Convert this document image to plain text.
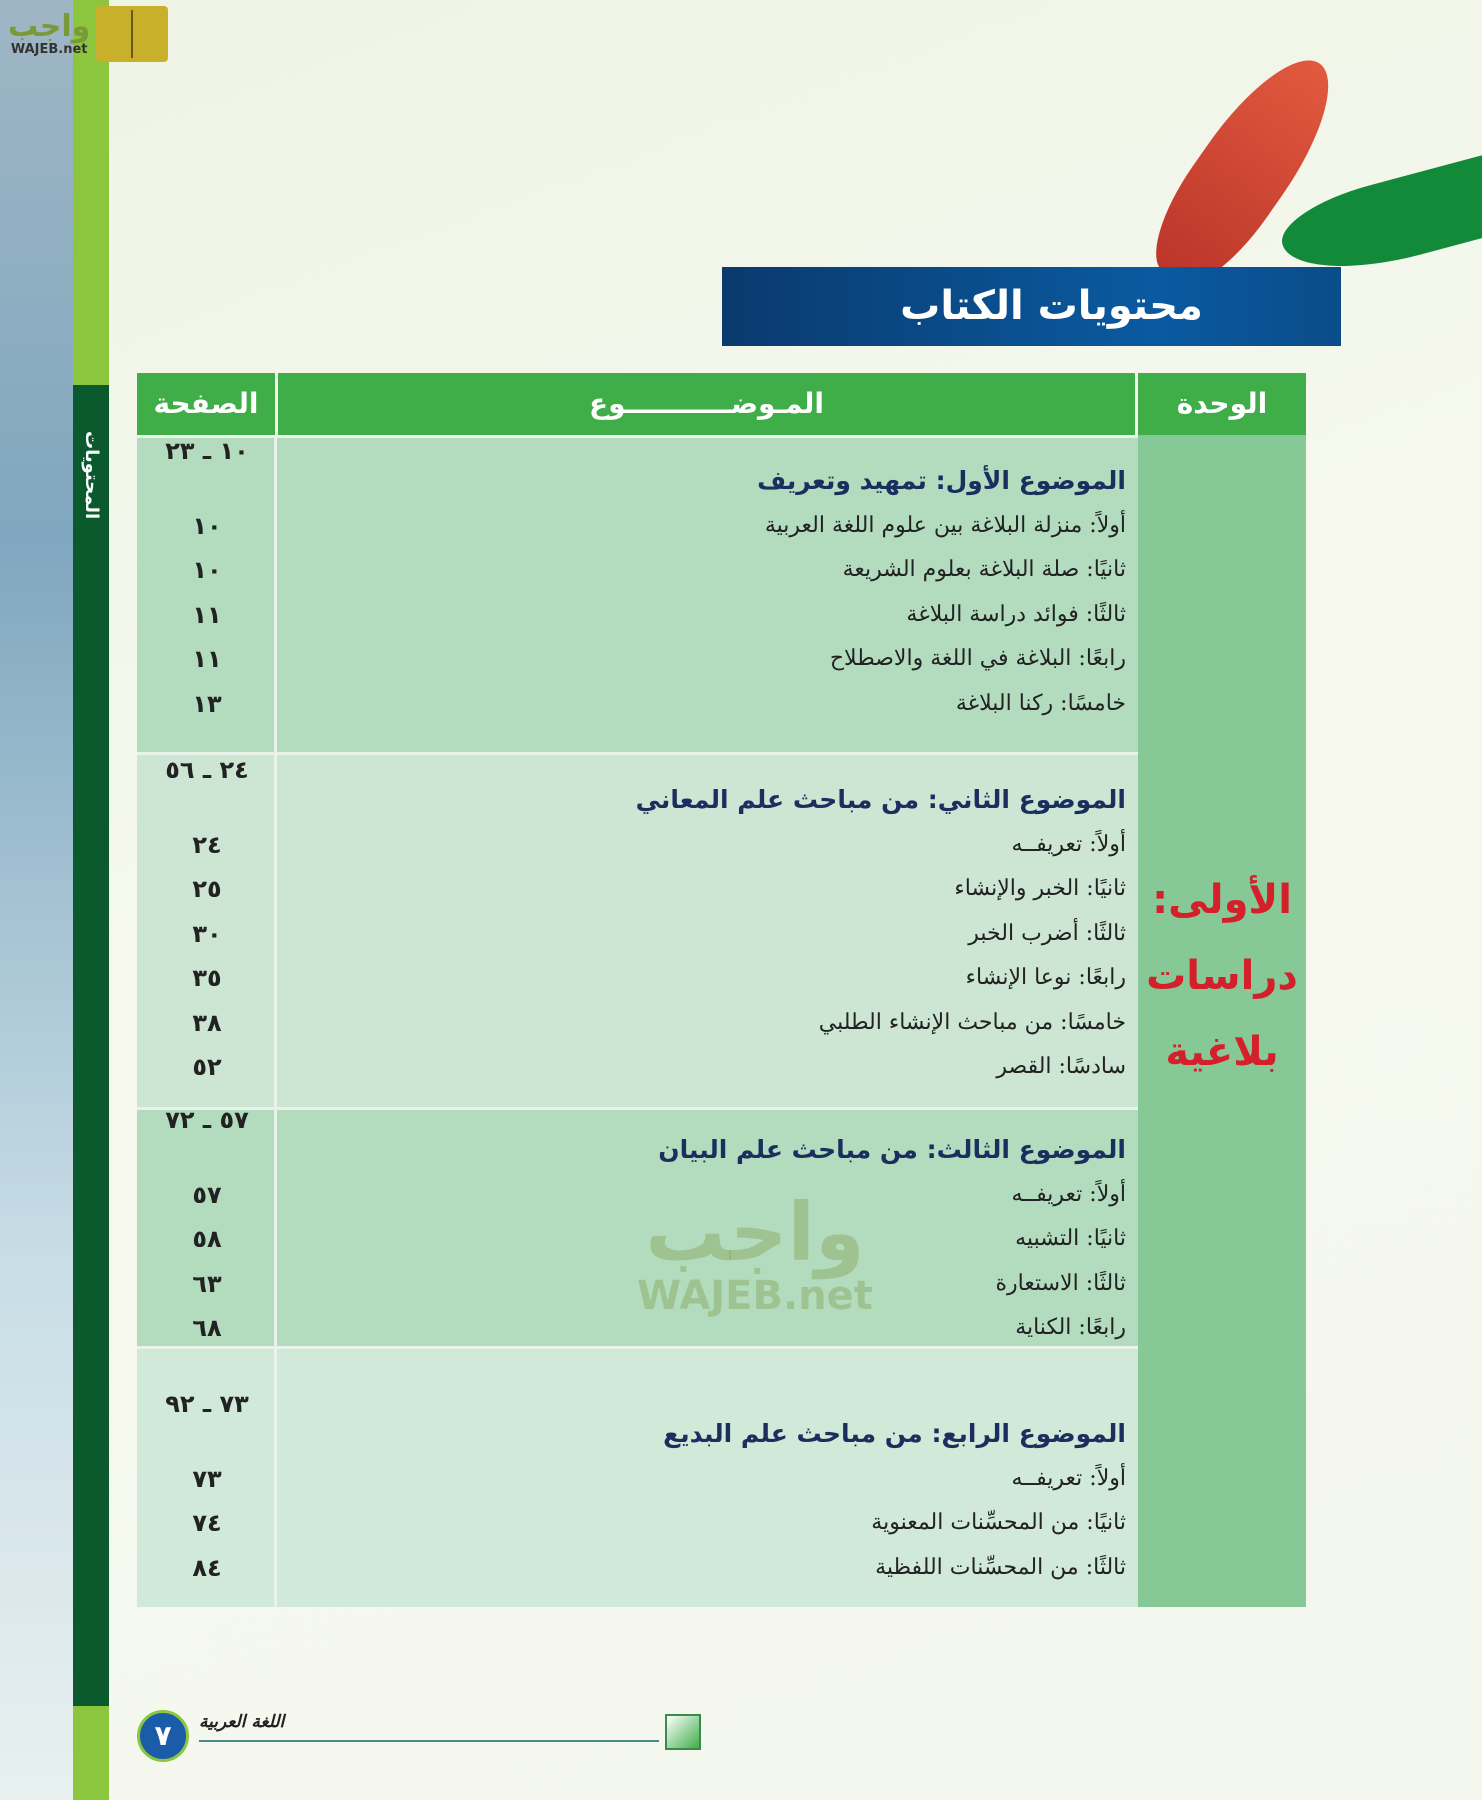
المحتويات
واجب
WAJEB.net
محتويات الكتاب
الوحدة
المـوضـــــــــــوع
الصفحة
الأولى:
دراسات
بلاغية
الموضوع الأول: تمهيد وتعريف
١٠ ـ ٢٣
أولاً: منزلة البلاغة بين علوم اللغة العربية
١٠
ثانيًا: صلة البلاغة بعلوم الشريعة
١٠
ثالثًا: فوائد دراسة البلاغة
١١
رابعًا: البلاغة في اللغة والاصطلاح
١١
خامسًا: ركنا البلاغة
١٣
الموضوع الثاني: من مباحث علم المعاني
٢٤ ـ ٥٦
أولاً: تعريفــه
٢٤
ثانيًا: الخبر والإنشاء
٢٥
ثالثًا: أضرب الخبر
٣٠
رابعًا: نوعا الإنشاء
٣٥
خامسًا: من مباحث الإنشاء الطلبي
٣٨
سادسًا: القصر
٥٢
الموضوع الثالث: من مباحث علم البيان
٥٧ ـ ٧٢
أولاً: تعريفــه
٥٧
ثانيًا: التشبيه
٥٨
ثالثًا: الاستعارة
٦٣
رابعًا: الكناية
٦٨
الموضوع الرابع: من مباحث علم البديع
٧٣ ـ ٩٢
أولاً: تعريفــه
٧٣
ثانيًا: من المحسِّنات المعنوية
٧٤
ثالثًا: من المحسِّنات اللفظية
٨٤
واجب
WAJEB.net
٧	اللغة العربية
